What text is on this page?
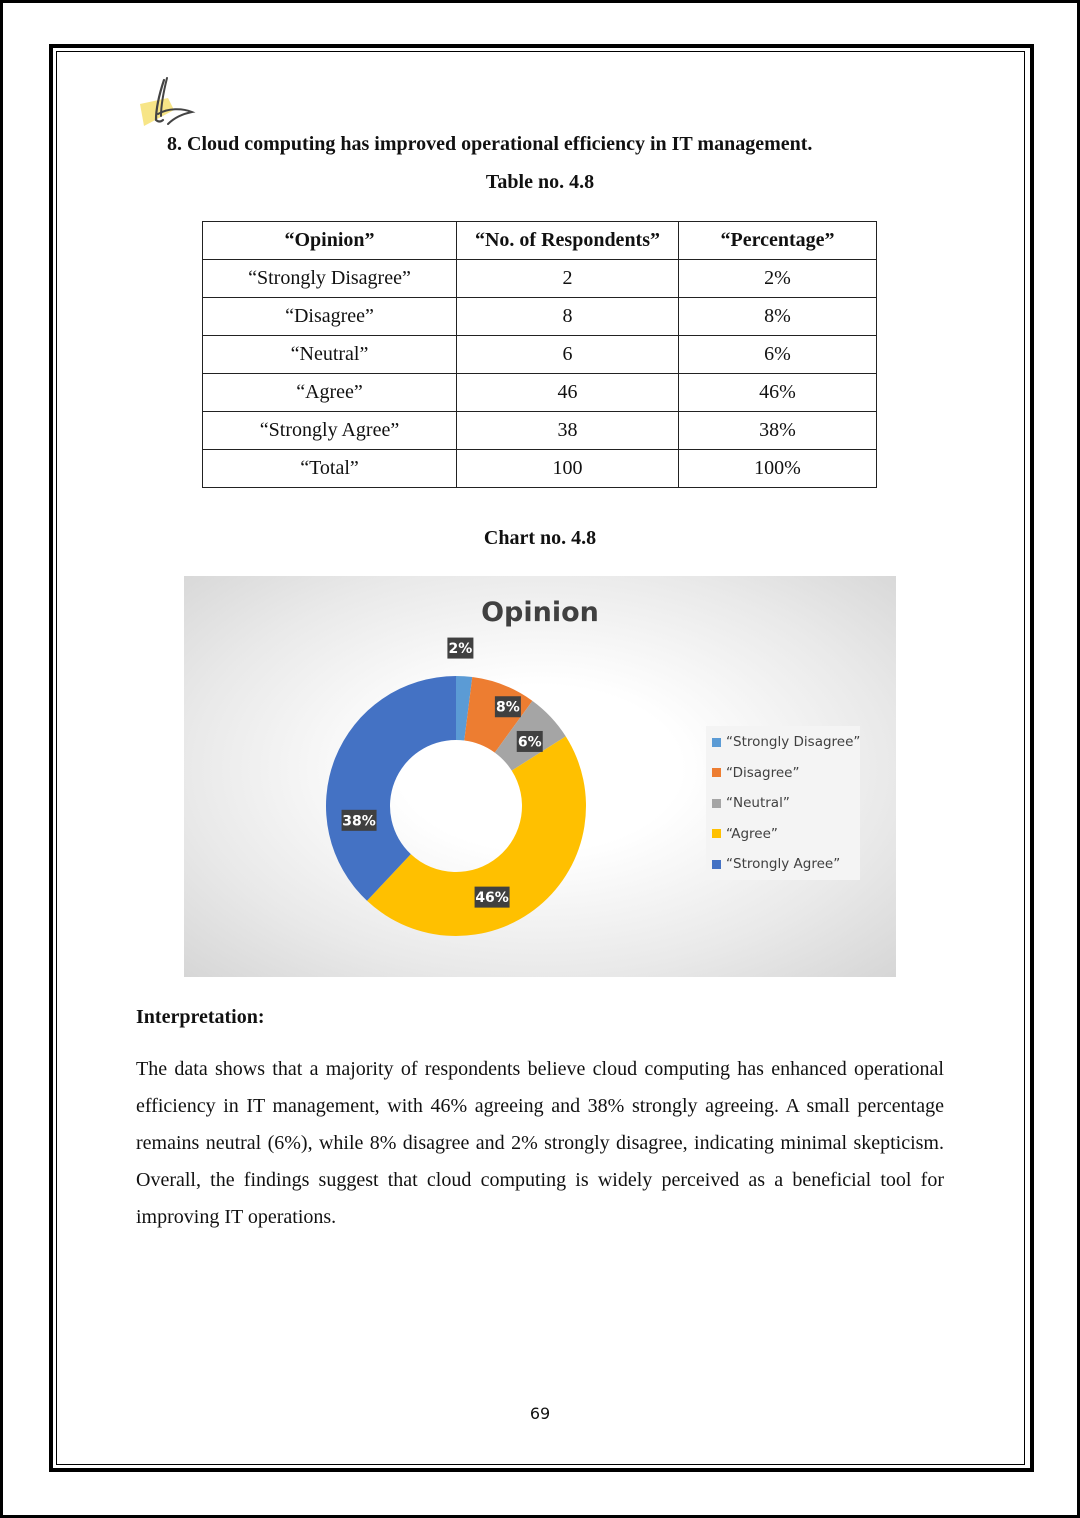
8. Cloud computing has improved operational efficiency in IT management.
Table no. 4.8
“Opinion”	“No. of Respondents”	“Percentage”
“Strongly Disagree”	2	2%
“Disagree”	8	8%
“Neutral”	6	6%
“Agree”	46	46%
“Strongly Agree”	38	38%
“Total”	100	100%
Chart no. 4.8
Opinion
2%
8%
6%
46%
38%
“Strongly Disagree”
“Disagree”
“Neutral”
“Agree”
“Strongly Agree”
Interpretation:

The data shows that a majority of respondents believe cloud computing has enhanced operational efficiency in IT management, with 46% agreeing and 38% strongly agreeing. A small percentage remains neutral (6%), while 8% disagree and 2% strongly disagree, indicating minimal skepticism. Overall, the findings suggest that cloud computing is widely perceived as a beneficial tool for improving IT operations.

69
